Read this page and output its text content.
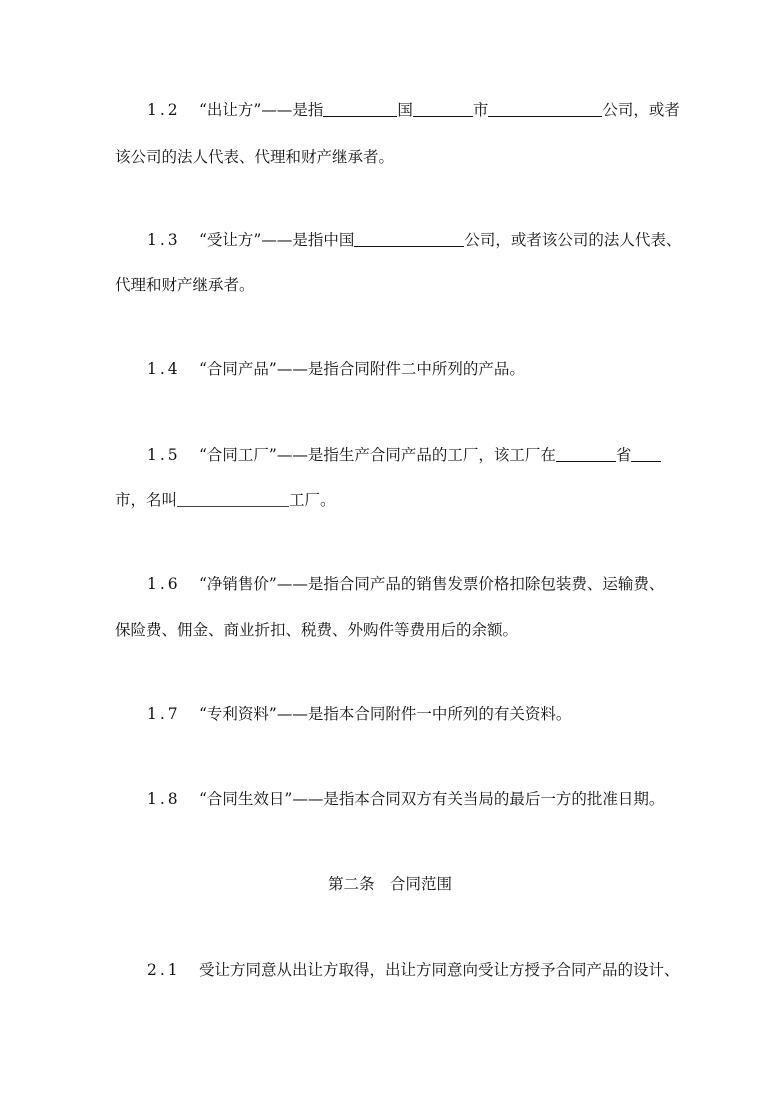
1.2 “出让方”——是指	国	市	公司，或者
该公司的法人代表、代理和财产继承者。
1.3 “受让方”——是指中国	公司，或者该公司的法人代表、
代理和财产继承者。
1.4 “合同产品”——是指合同附件二中所列的产品。
1.5 “合同工厂”——是指生产合同产品的工厂，该工厂在	省
市，名叫	工厂。
1.6 “净销售价”——是指合同产品的销售发票价格扣除包装费、运输费、
保险费、佣金、商业折扣、税费、外购件等费用后的余额。
1.7 “专利资料”——是指本合同附件一中所列的有关资料。
1.8 “合同生效日”——是指本合同双方有关当局的最后一方的批准日期。
第二条　合同范围
2.1 受让方同意从出让方取得，出让方同意向受让方授予合同产品的设计、
